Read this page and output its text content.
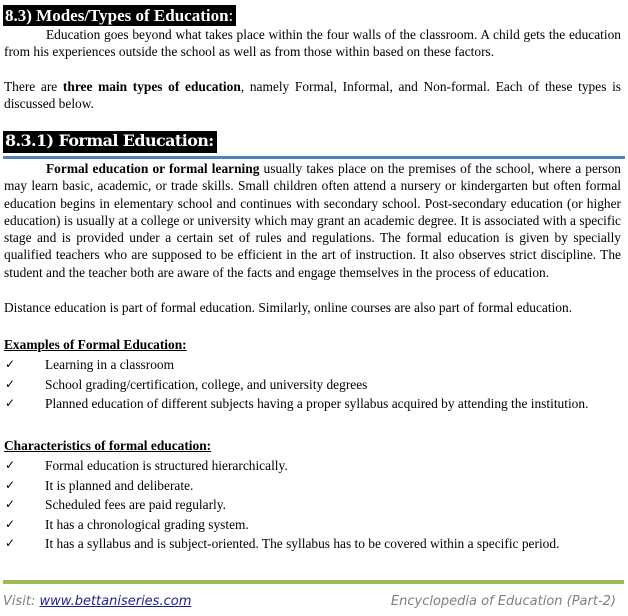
8.3) Modes/Types of Education:
Education goes beyond what takes place within the four walls of the classroom. A child gets the education from his experiences outside the school as well as from those within based on these factors.
There are three main types of education, namely Formal, Informal, and Non-formal. Each of these types is discussed below.
8.3.1) Formal Education:
Formal education or formal learning usually takes place on the premises of the school, where a person may learn basic, academic, or trade skills. Small children often attend a nursery or kindergarten but often formal education begins in elementary school and continues with secondary school. Post-secondary education (or higher education) is usually at a college or university which may grant an academic degree. It is associated with a specific stage and is provided under a certain set of rules and regulations. The formal education is given by specially qualified teachers who are supposed to be efficient in the art of instruction. It also observes strict discipline. The student and the teacher both are aware of the facts and engage themselves in the process of education.
Distance education is part of formal education. Similarly, online courses are also part of formal education.
Examples of Formal Education:
✓ Learning in a classroom
✓ School grading/certification, college, and university degrees
✓ Planned education of different subjects having a proper syllabus acquired by attending the institution.
Characteristics of formal education:
✓ Formal education is structured hierarchically.
✓ It is planned and deliberate.
✓ Scheduled fees are paid regularly.
✓ It has a chronological grading system.
✓ It has a syllabus and is subject-oriented. The syllabus has to be covered within a specific period.
Visit: www.bettaniseries.com	Encyclopedia of Education (Part-2)
